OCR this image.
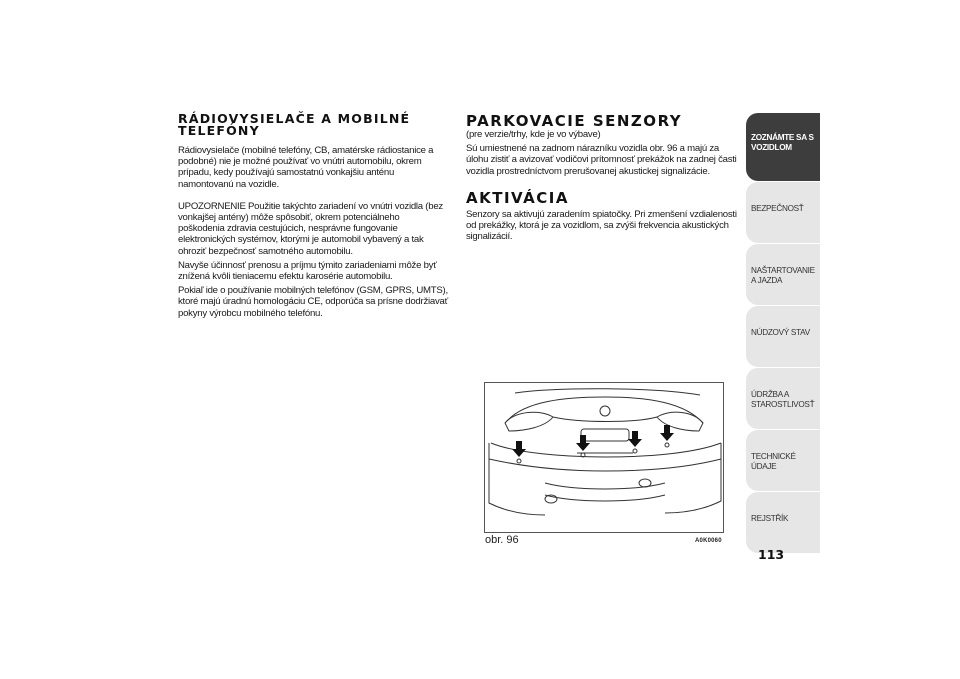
RÁDIOVYSIELAČE A MOBILNÉ TELEFÓNY

Rádiovysielače (mobilné telefóny, CB, amatérske rádiostanice a podobné) nie je možné používať vo vnútri automobilu, okrem prípadu, kedy používajú samostatnú vonkajšiu anténu namontovanú na vozidle.

UPOZORNENIE Použitie takýchto zariadení vo vnútri vozidla (bez vonkajšej antény) môže spôsobiť, okrem potenciálneho poškodenia zdravia cestujúcich, nesprávne fungovanie elektronických systémov, ktorými je automobil vybavený a tak ohroziť bezpečnosť samotného automobilu.

Navyše účinnosť prenosu a príjmu týmito zariadeniami môže byť znížená kvôli tieniacemu efektu karosérie automobilu.

Pokiaľ ide o používanie mobilných telefónov (GSM, GPRS, UMTS), ktoré majú úradnú homologáciu CE, odporúča sa prísne dodržiavať pokyny výrobcu mobilného telefónu.

PARKOVACIE SENZORY

(pre verzie/trhy, kde je vo výbave)

Sú umiestnené na zadnom nárazníku vozidla obr. 96 a majú za úlohu zistiť a avizovať vodičovi prítomnosť prekážok na zadnej časti vozidla prostredníctvom prerušovanej akustickej signalizácie.

AKTIVÁCIA

Senzory sa aktivujú zaradením spiatočky. Pri zmenšení vzdialenosti od prekážky, ktorá je za vozidlom, sa zvýši frekvencia akustických signalizácií.

obr. 96	A0K0060
ZOZNÁMTE SA S VOZIDLOM
BEZPEČNOSŤ
NAŠTARTOVANIE A JAZDA
NÚDZOVÝ STAV
ÚDRŽBA A STAROSTLIVOSŤ
TECHNICKÉ ÚDAJE
REJSTŘÍK
113
